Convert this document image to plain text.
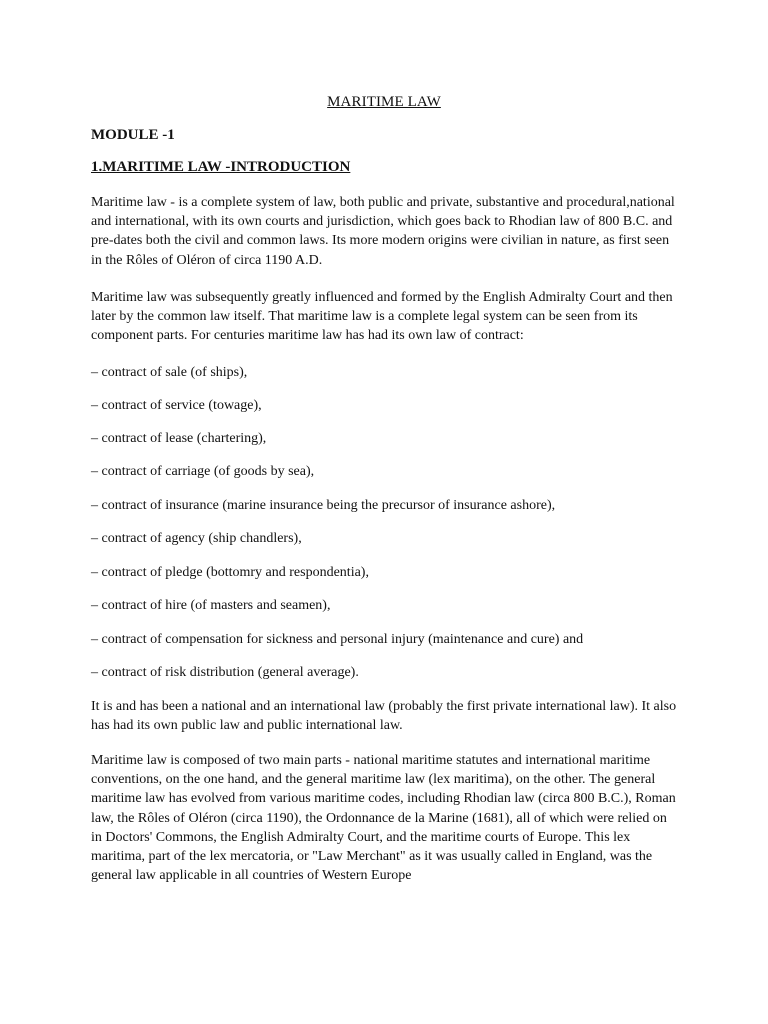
MARITIME LAW
MODULE -1
1.MARITIME LAW -INTRODUCTION

Maritime law - is a complete system of law, both public and private, substantive and procedural,national and international, with its own courts and jurisdiction, which goes back to Rhodian law of 800 B.C. and pre-dates both the civil and common laws. Its more modern origins were civilian in nature, as first seen in the Rôles of Oléron of circa 1190 A.D.

Maritime law was subsequently greatly influenced and formed by the English Admiralty Court and then later by the common law itself. That maritime law is a complete legal system can be seen from its component parts. For centuries maritime law has had its own law of contract:

– contract of sale (of ships),

– contract of service (towage),

– contract of lease (chartering),

– contract of carriage (of goods by sea),

– contract of insurance (marine insurance being the precursor of insurance ashore),

– contract of agency (ship chandlers),

– contract of pledge (bottomry and respondentia),

– contract of hire (of masters and seamen),

– contract of compensation for sickness and personal injury (maintenance and cure) and

– contract of risk distribution (general average).

It is and has been a national and an international law (probably the first private international law). It also has had its own public law and public international law.

Maritime law is composed of two main parts - national maritime statutes and international maritime conventions, on the one hand, and the general maritime law (lex maritima), on the other. The general maritime law has evolved from various maritime codes, including Rhodian law (circa 800 B.C.), Roman law, the Rôles of Oléron (circa 1190), the Ordonnance de la Marine (1681), all of which were relied on in Doctors' Commons, the English Admiralty Court, and the maritime courts of Europe. This lex maritima, part of the lex mercatoria, or "Law Merchant" as it was usually called in England, was the general law applicable in all countries of Western Europe
